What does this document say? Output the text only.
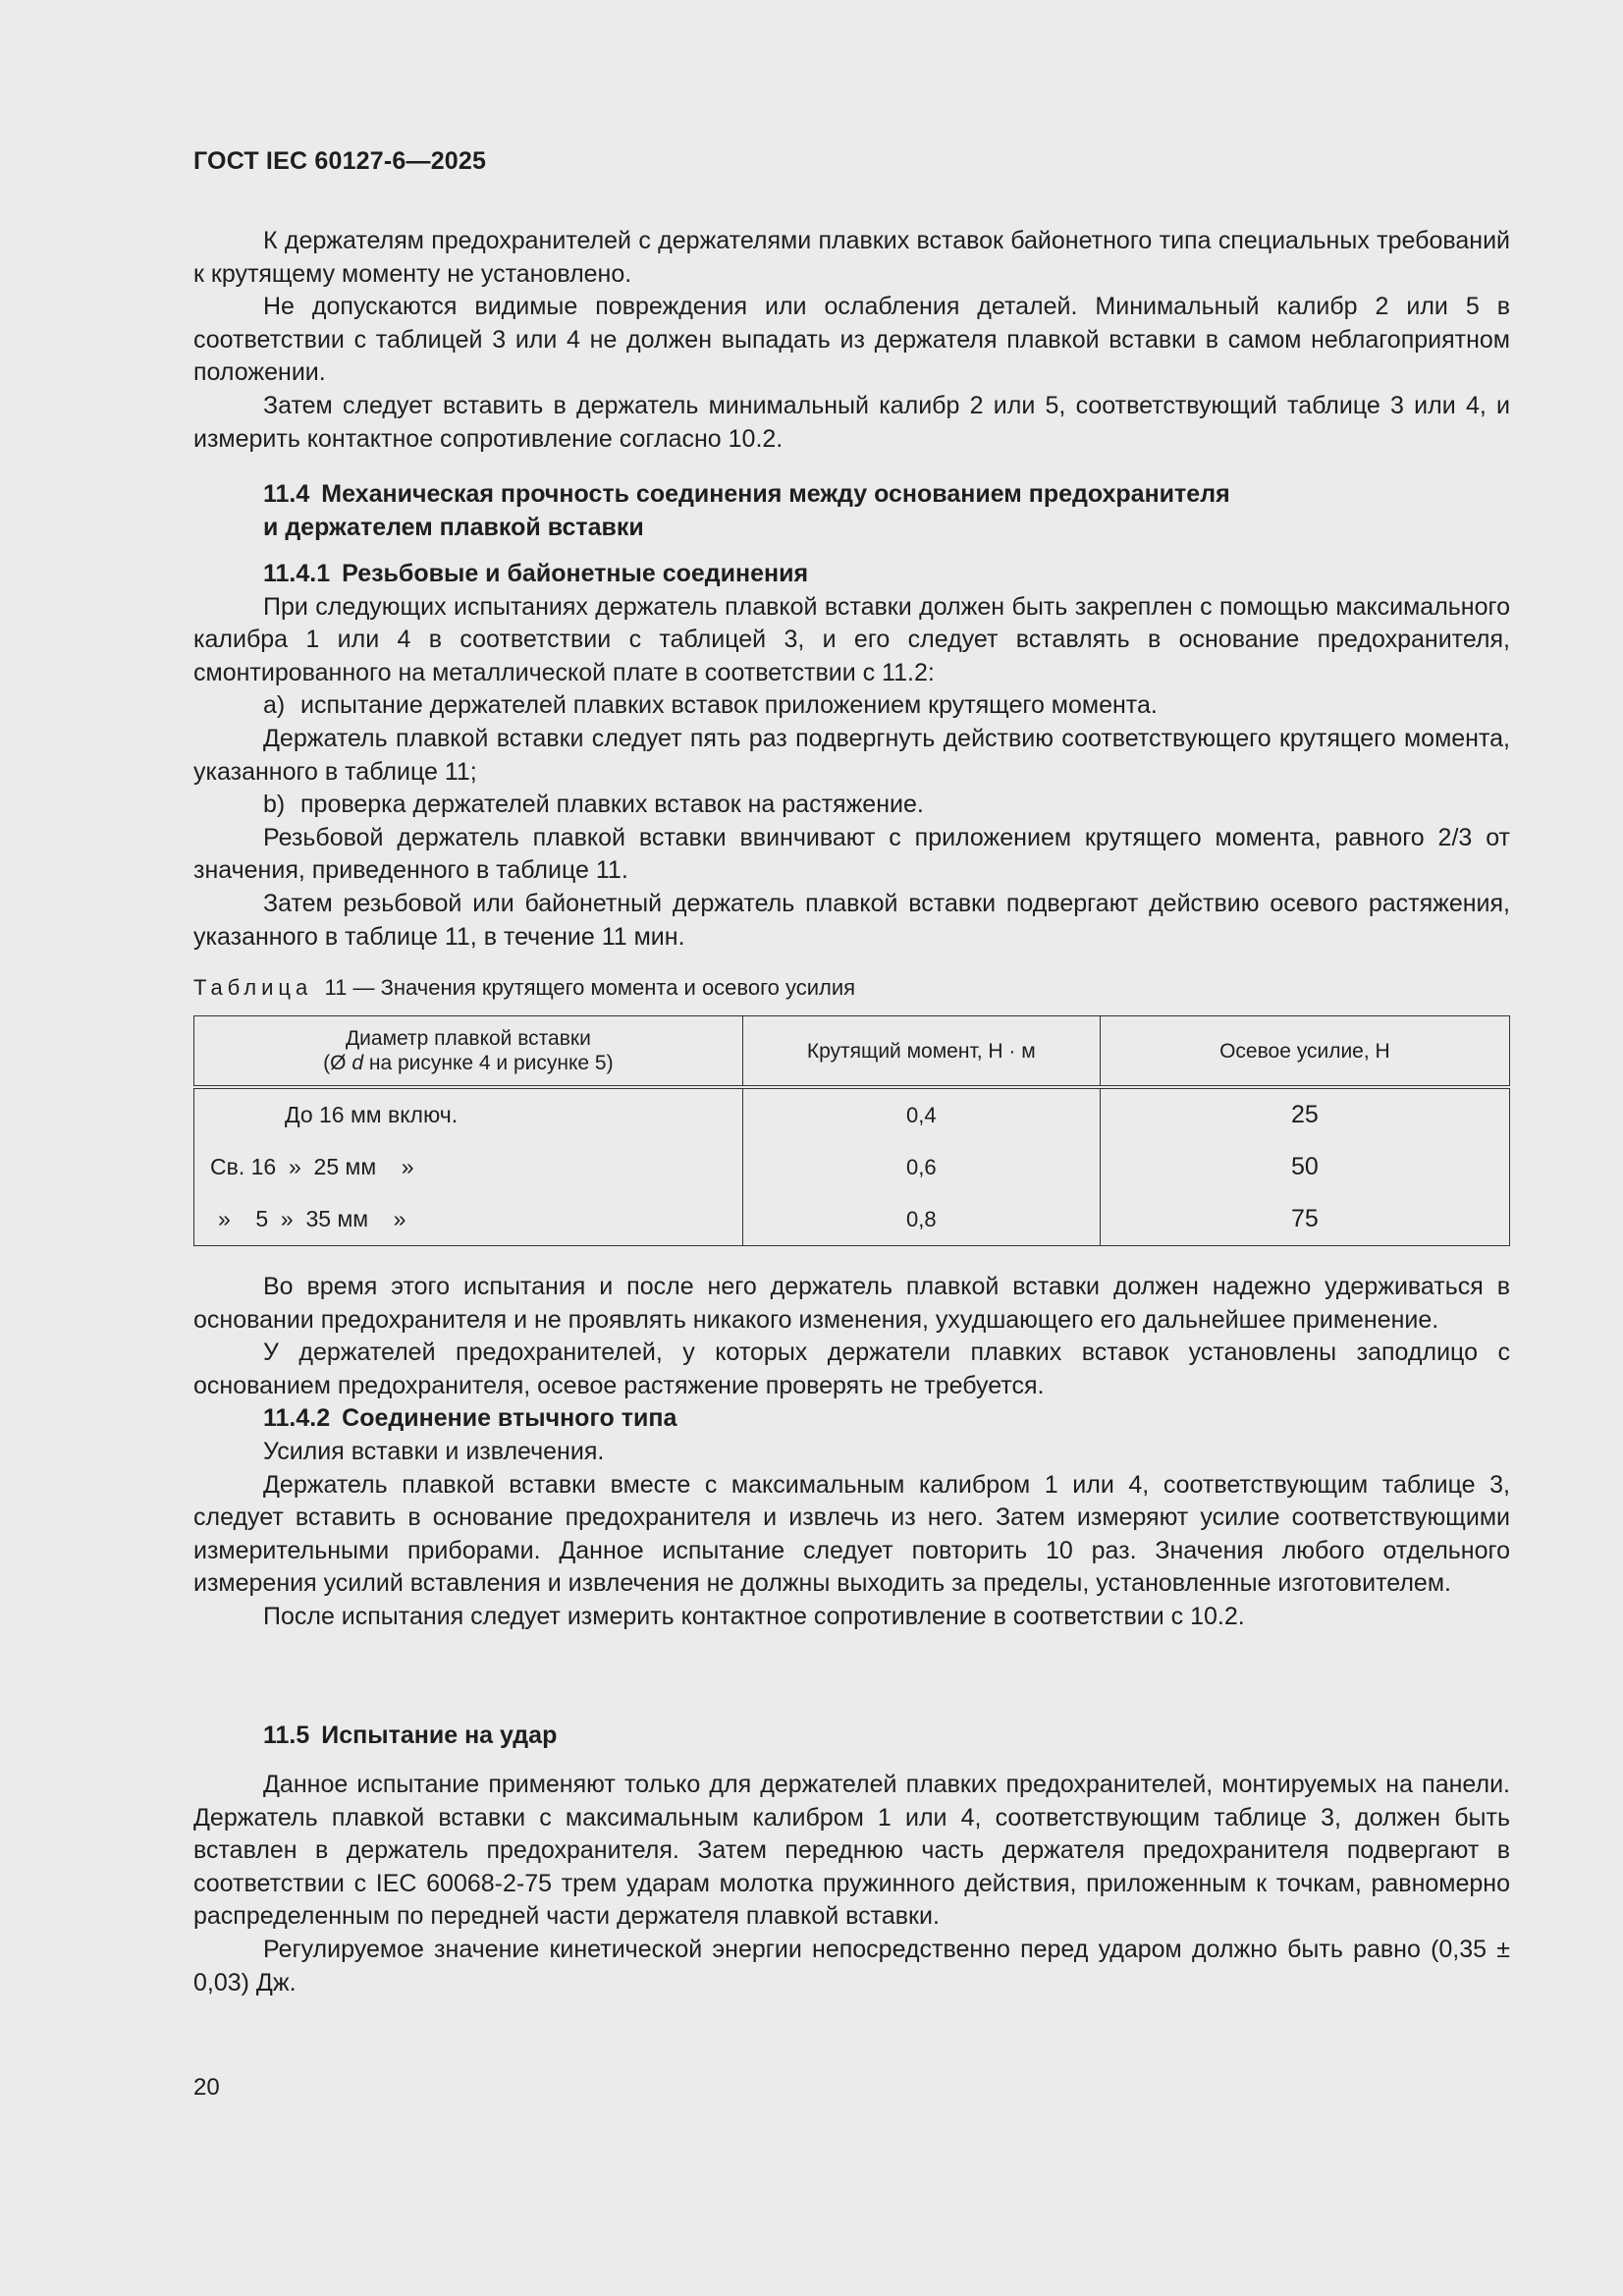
ГОСТ IEC 60127-6—2025

К держателям предохранителей с держателями плавких вставок байонетного типа специальных требований к крутящему моменту не установлено.

Не допускаются видимые повреждения или ослабления деталей. Минимальный калибр 2 или 5 в соответствии с таблицей 3 или 4 не должен выпадать из держателя плавкой вставки в самом неблагоприятном положении.

Затем следует вставить в держатель минимальный калибр 2 или 5, соответствующий таблице 3 или 4, и измерить контактное сопротивление согласно 10.2.

11.4 Механическая прочность соединения между основанием предохранителя

и держателем плавкой вставки

11.4.1 Резьбовые и байонетные соединения

При следующих испытаниях держатель плавкой вставки должен быть закреплен с помощью максимального калибра 1 или 4 в соответствии с таблицей 3, и его следует вставлять в основание предохранителя, смонтированного на металлической плате в соответствии с 11.2:

a) испытание держателей плавких вставок приложением крутящего момента.

Держатель плавкой вставки следует пять раз подвергнуть действию соответствующего крутящего момента, указанного в таблице 11;

b) проверка держателей плавких вставок на растяжение.

Резьбовой держатель плавкой вставки ввинчивают с приложением крутящего момента, равного 2/3 от значения, приведенного в таблице 11.

Затем резьбовой или байонетный держатель плавкой вставки подвергают действию осевого растяжения, указанного в таблице 11, в течение 11 мин.

Таблица 11 — Значения крутящего момента и осевого усилия
Диаметр плавкой вставки
(Ø d на рисунке 4 и рисунке 5)	Крутящий момент, Н · м	Осевое усилие, Н
До 16 мм включ.	0,4	25
Св. 16  »  25 мм    »	0,6	50
»    5  »  35 мм    »	0,8	75

Во время этого испытания и после него держатель плавкой вставки должен надежно удерживаться в основании предохранителя и не проявлять никакого изменения, ухудшающего его дальнейшее применение.

У держателей предохранителей, у которых держатели плавких вставок установлены заподлицо с основанием предохранителя, осевое растяжение проверять не требуется.

11.4.2 Соединение втычного типа

Усилия вставки и извлечения.

Держатель плавкой вставки вместе с максимальным калибром 1 или 4, соответствующим таблице 3, следует вставить в основание предохранителя и извлечь из него. Затем измеряют усилие соответствующими измерительными приборами. Данное испытание следует повторить 10 раз. Значения любого отдельного измерения усилий вставления и извлечения не должны выходить за пределы, установленные изготовителем.

После испытания следует измерить контактное сопротивление в соответствии с 10.2.

11.5 Испытание на удар

Данное испытание применяют только для держателей плавких предохранителей, монтируемых на панели. Держатель плавкой вставки с максимальным калибром 1 или 4, соответствующим таблице 3, должен быть вставлен в держатель предохранителя. Затем переднюю часть держателя предохранителя подвергают в соответствии с IEC 60068-2-75 трем ударам молотка пружинного действия, приложенным к точкам, равномерно распределенным по передней части держателя плавкой вставки.

Регулируемое значение кинетической энергии непосредственно перед ударом должно быть равно (0,35 ± 0,03) Дж.

20
